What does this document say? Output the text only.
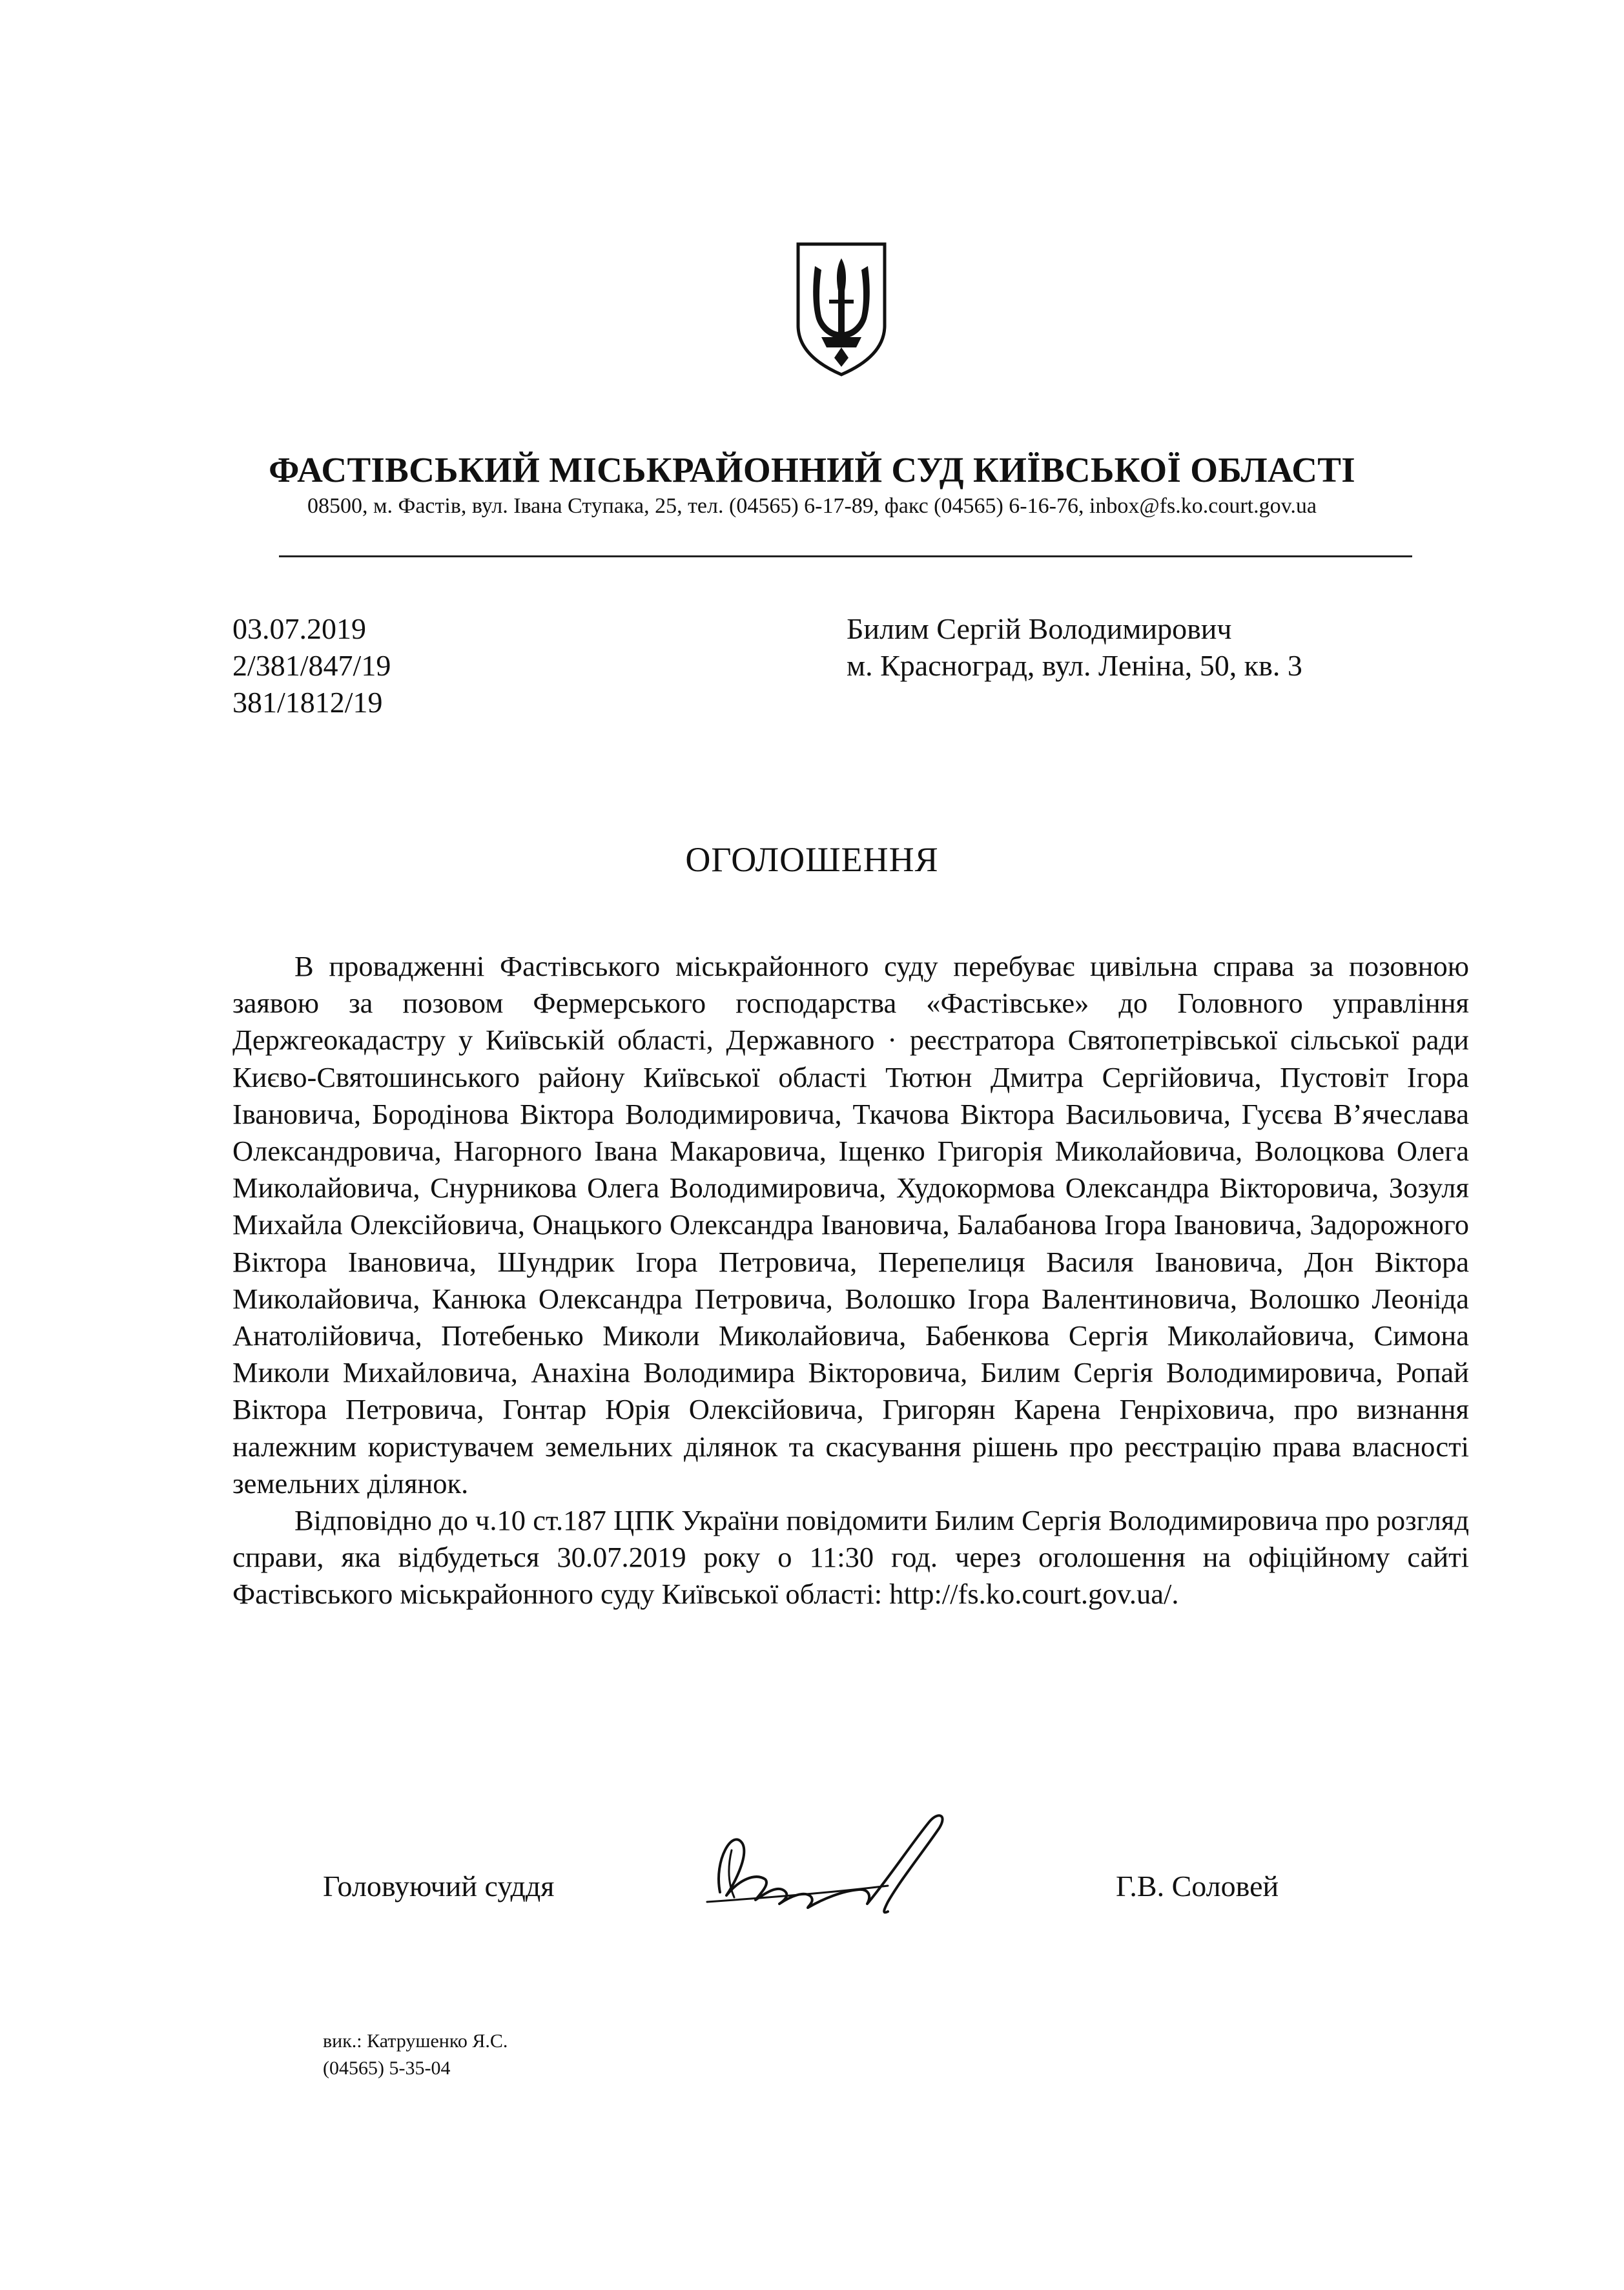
ФАСТІВСЬКИЙ МІСЬКРАЙОННИЙ СУД КИЇВСЬКОЇ ОБЛАСТІ
08500, м. Фастів, вул. Івана Ступака, 25, тел. (04565) 6-17-89, факс (04565) 6-16-76, inbox@fs.ko.court.gov.ua
03.07.2019
2/381/847/19
381/1812/19
Билим Сергій Володимирович
м. Красноград, вул. Леніна, 50, кв. 3
ОГОЛОШЕННЯ

В провадженні Фастівського міськрайонного суду перебуває цивільна справа за позовною заявою за позовом Фермерського господарства «Фастівське» до Головного управління Держгеокадастру у Київській області, Державного · реєстратора Святопетрівської сільської ради Києво-Святошинського району Київської області Тютюн Дмитра Сергійовича, Пустовіт Ігора Івановича, Бородінова Віктора Володимировича, Ткачова Віктора Васильовича, Гусєва В’ячеслава Олександровича, Нагорного Івана Макаровича, Іщенко Григорія Миколайовича, Волоцкова Олега Миколайовича, Снурникова Олега Володимировича, Худокормова Олександра Вікторовича, Зозуля Михайла Олексійовича, Онацького Олександра Івановича, Балабанова Ігора Івановича, Задорожного Віктора Івановича, Шундрик Ігора Петровича, Перепелиця Василя Івановича, Дон Віктора Миколайовича, Канюка Олександра Петровича, Волошко Ігора Валентиновича, Волошко Леоніда Анатолійовича, Потебенько Миколи Миколайовича, Бабенкова Сергія Миколайовича, Симона Миколи Михайловича, Анахіна Володимира Вікторовича, Билим Сергія Володимировича, Ропай Віктора Петровича, Гонтар Юрія Олексійовича, Григорян Карена Генріховича, про визнання належним користувачем земельних ділянок та скасування рішень про реєстрацію права власності земельних ділянок.

Відповідно до ч.10 ст.187 ЦПК України повідомити Билим Сергія Володимировича про розгляд справи, яка відбудеться 30.07.2019 року о 11:30 год. через оголошення на офіційному сайті Фастівського міськрайонного суду Київської області: http://fs.ko.court.gov.ua/.

Головуючий суддя	Г.В. Соловей
вик.: Катрушенко Я.С.
(04565) 5-35-04
